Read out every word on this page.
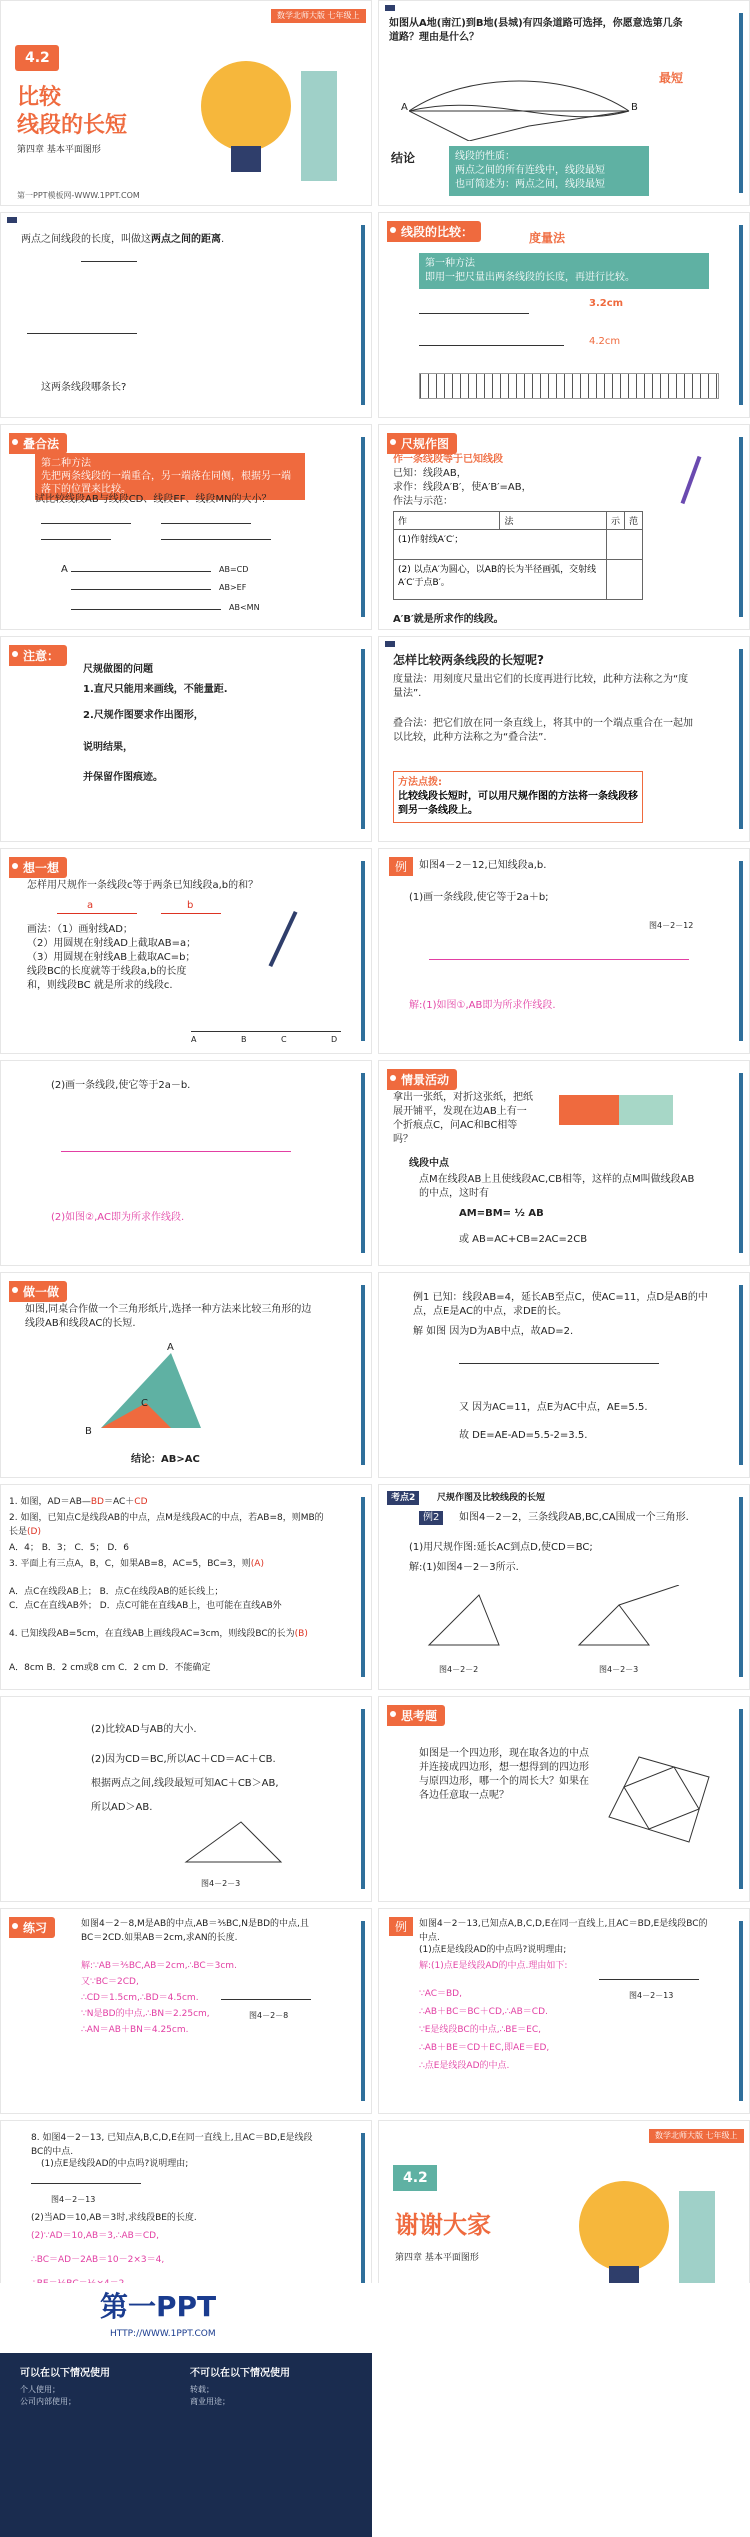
4.2
比较
线段的长短
第四章 基本平面图形
第一PPT模板网-WWW.1PPT.COM
数学北师大版 七年级上
如图从A地(南江)到B地(县城)有四条道路可选择，你愿意选第几条道路？理由是什么？
A	B
最短
结论	线段的性质：
两点之间的所有连线中，线段最短
也可简述为：两点之间，线段最短
两点之间线段的长度，叫做这两点之间的距离.
这两条线段哪条长?
线段的比较：	度量法
第一种方法
即用一把尺量出两条线段的长度，再进行比较。
3.2cm
4.2cm
叠合法
第二种方法
先把两条线段的一端重合，另一端落在同侧，根据另一端落下的位置来比较。
试比较线段AB与线段CD、线段EF、线段MN的大小？
A	AB=CD
AB>EF
AB<MN
尺规作图
作一条线段等于已知线段
已知：线段AB，
求作：线段A′B′，使A′B′=AB，
作法与示范：
作	法	示	范
(1)作射线A′C′；			
(2) 以点A′为圆心，以AB的长为半径画弧，交射线A′C′于点B′。			
A′B′就是所求作的线段。
注意：
尺规做图的问题
1.直尺只能用来画线，不能量距.
2.尺规作图要求作出图形，
说明结果，
并保留作图痕迹。
怎样比较两条线段的长短呢?
度量法：用刻度尺量出它们的长度再进行比较，此种方法称之为“度量法”.
叠合法：把它们放在同一条直线上，将其中的一个端点重合在一起加以比较，此种方法称之为“叠合法”.
方法点拨:
比较线段长短时，可以用尺规作图的方法将一条线段移到另一条线段上。
想一想
怎样用尺规作一条线段c等于两条已知线段a,b的和？
a	b
画法：（1）画射线AD；
（2）用圆规在射线AD上截取AB=a；
（3）用圆规在射线AB上截取AC=b；
线段BC的长度就等于线段a,b的长度和，则线段BC 就是所求的线段c.
A	B	C	D
例	如图4－2－12,已知线段a,b.
(1)画一条线段,使它等于2a＋b;
图4－2－12
解:(1)如图①,AB即为所求作线段.
(2)画一条线段,使它等于2a－b.
(2)如图②,AC即为所求作线段.
情景活动
拿出一张纸，对折这张纸，把纸展开铺平，发现在边AB上有一个折痕点C，问AC和BC相等吗？
线段中点
点M在线段AB上且使线段AC,CB相等，这样的点M叫做线段AB的中点，这时有
AM=BM= ½ AB
或 AB=AC+CB=2AC=2CB
做一做
如图,同桌合作做一个三角形纸片,选择一种方法来比较三角形的边线段AB和线段AC的长短.
A
B
C
结论：AB>AC
例1 已知：线段AB=4，延长AB至点C，使AC=11，点D是AB的中点，点E是AC的中点，求DE的长。
解 如图 因为D为AB中点，故AD=2.
又 因为AC=11，点E为AC中点，AE=5.5.
故 DE=AE-AD=5.5-2=3.5.
1. 如图，AD＝AB—BD＝AC＋CD
2. 如图，已知点C是线段AB的中点，点M是线段AC的中点，若AB=8，则MB的长是(D)
A．4； B．3； C．5； D．6
3. 平面上有三点A，B，C，如果AB=8，AC=5，BC=3，则(A)
A．点C在线段AB上； B．点C在线段AB的延长线上；
C．点C在直线AB外； D．点C可能在直线AB上，也可能在直线AB外
4. 已知线段AB=5cm，在直线AB上画线段AC=3cm，则线段BC的长为(B)
A．8cm B．2 cm或8 cm C．2 cm D．不能确定
考点2	尺规作图及比较线段的长短
例2	如图4－2－2，三条线段AB,BC,CA围成一个三角形.
(1)用尺规作图:延长AC到点D,使CD＝BC;
解:(1)如图4－2－3所示.
图4－2－2	图4－2－3
(2)比较AD与AB的大小.
(2)因为CD＝BC,所以AC＋CD＝AC＋CB.
根据两点之间,线段最短可知AC＋CB＞AB,
所以AD＞AB.
图4－2－3
思考题
如图是一个四边形，现在取各边的中点并连接成四边形，想一想得到的四边形与原四边形，哪一个的周长大？如果在各边任意取一点呢？
练习	如图4－2－8,M是AB的中点,AB＝⅗BC,N是BD的中点,且BC＝2CD.如果AB＝2cm,求AN的长度.
解:∵AB＝⅗BC,AB＝2cm,∴BC＝3cm.
又∵BC＝2CD,
∴CD＝1.5cm,∴BD＝4.5cm.
∵N是BD的中点,∴BN＝2.25cm,
∴AN＝AB＋BN＝4.25cm.
图4－2－8
例	如图4－2－13,已知点A,B,C,D,E在同一直线上,且AC＝BD,E是线段BC的中点.
(1)点E是线段AD的中点吗?说明理由;
解:(1)点E是线段AD的中点.理由如下:
∵AC＝BD,
∴AB＋BC＝BC＋CD,∴AB＝CD.
∵E是线段BC的中点,∴BE＝EC,
∴AB＋BE＝CD＋EC,即AE＝ED,
∴点E是线段AD的中点.
图4－2－13
8. 如图4－2－13, 已知点A,B,C,D,E在同一直线上,且AC＝BD,E是线段BC的中点.
(1)点E是线段AD的中点吗?说明理由;
图4－2－13
(2)当AD＝10,AB＝3时,求线段BE的长度.
(2)∵AD＝10,AB＝3,∴AB＝CD,
∴BC＝AD－2AB＝10－2×3＝4,
4.2
谢谢大家
第四章 基本平面图形
数学北师大版 七年级上
第一PPT
HTTP://WWW.1PPT.COM
可以在以下情况使用	不可以在以下情况使用
个人使用；
公司内部使用；
转载；
商业用途；
